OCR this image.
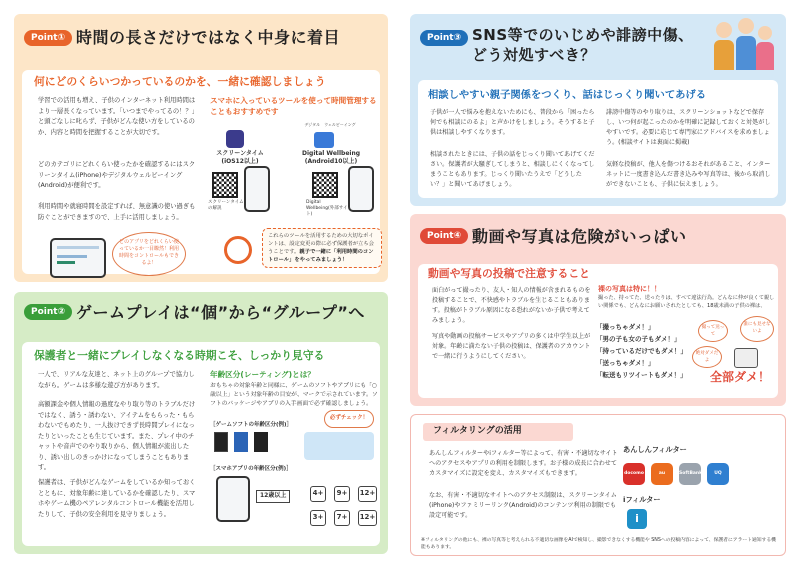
Point① 時間の長さだけではなく中身に着目
何にどのくらいつかっているのかを、一緒に確認しましょう
学習での活用も増え、子供のインターネット利用時間はより一層長くなっています。「いつまでやってるの！？」と頭ごなしに叱らず、子供がどんな使い方をしているのか、内容と時間を把握することが大切です。
どのカテゴリにどれくらい使ったかを確認するにはスクリーンタイム(iPhone)やデジタルウェルビーイング(Android)が便利です。
利用時間や就寝時間を設定すれば、無意識の使い過ぎも防ぐことができますので、上手に活用しましょう。
どのアプリをどれくらい使っているか一目瞭然！利用時間をコントロールもできるよ！
スマホに入っているツールを使って時間管理することもおすすめです
スクリーンタイム
(iOS12以上)
デジタル　ウェルビーイング
Digital Wellbeing
(Android10以上)
スクリーンタイムの解説
Digital Wellbeing(外部サイト)
これらのツールを活用するための大切なポイントは、設定変更の際に必ず保護者が立ち会うことです。親子で一緒に「利用時間のコントロール」をやってみましょう！
Point② ゲームプレイは“個”から“グループ”へ
保護者と一緒にプレイしなくなる時期こそ、しっかり見守る
一人で、リアルな友達と、ネット上のグループで協力しながら。ゲームは多様な遊び方があります。
高額課金や個人情報の過度なやり取り等のトラブルだけではなく、誘う・誘わない、アイテムをもらった・もらわないでもめたり、一人抜けできず長時間プレイになったりといったことも生じています。また、プレイ中のチャットや音声でのやり取りから、個人情報が流出したり、誘い出しのきっかけになってしまうこともあります。
保護者は、子供がどんなゲームをしているか知っておくとともに、対象年齢に達しているかを確認したり、スマホやゲーム機のペアレンタルコントロール機能を活用したりして、子供の安全利用を見守りましょう。
年齢区分(レーティング)とは？
おもちゃの対象年齢と同様に、ゲームのソフトやアプリにも「○歳以上」という対象年齢の目安が、マークで示されています。ソフトのパッケージやアプリの入手画面で必ず確認しましょう。
［ゲームソフトの年齢区分(例)］
必ずチェック！
［スマホアプリの年齢区分(例)］
12歳以上	4+	9+	12+
3+	7+	12+
Point③ SNS等でのいじめや誹謗中傷、
どう対処すべき？
相談しやすい親子関係をつくり、話はじっくり聞いてあげる
子供が一人で悩みを抱えないためにも、普段から「困ったら何でも相談にのるよ」と声かけをしましょう。そうすると子供は相談しやすくなります。
相談されたときには、子供の話をじっくり聞いてあげてください。保護者が大騒ぎしてしまうと、相談しにくくなってしまうこともあります。じっくり聞いたうえで「どうしたい？」と聞いてあげましょう。
誹謗中傷等のやり取りは、スクリーンショットなどで保存し、いつ何が起こったのかを明確に記録しておくと対処がしやすいです。必要に応じて専門家にアドバイスを求めましょう。(相談サイトは裏面に掲載)
気軽な投稿が、他人を傷つけるおそれがあること、インターネットに一度書き込んだ書き込みや写真等は、後から取消しができないことも、子供に伝えましょう。
Point④ 動画や写真は危険がいっぱい
動画や写真の投稿で注意すること
面白がって撮ったり、友人・知人の情報が含まれるものを投稿することで、不快感やトラブルを生じることもあります。投稿がトラブル原因になる恐れがないか子供で考えてみましょう。
写真や動画の投稿サービスやアプリの多くは中学生以上が対象。年齢に満たない子供の投稿は、保護者のアカウントで一緒に行うようにしてください。
裸の写真は特に！！
撮った、持ってた、送ったりは、すべて違法行為。どんなに仲が良くて親しい関係でも、どんなにお願いされたとしても、18歳未満の子供の裸は、
「撮っちゃダメ！」
「男の子も女の子もダメ！」
「持っているだけでもダメ！」
「送っちゃダメ！」
「転送もリツイートもダメ！」
撮って送って
誰にも見せないよ
絶対ダメだよ
全部ダメ！
フィルタリングの活用
あんしんフィルターやiフィルター等によって、有害・不適切なサイトへのアクセスやアプリの利用を制限します。お子様の成長に合わせてカスタマイズに設定を変え、カスタマイズもできます。
なお、有害・不適切なサイトへのアクセス制限は、スクリーンタイム(iPhone)やファミリーリンク(Android)のコンテンツ利用の制限でも設定可能です。
あんしんフィルター
docomo	au	SoftBank	UQ mobile
iフィルター
i
※フィルタリングの他にも、裸の写真等と考えられる不適切な画像をAIで検知し、撮影できなくする機能や SNSへの投稿内容によって、保護者にアラート通知する機能もあります。
